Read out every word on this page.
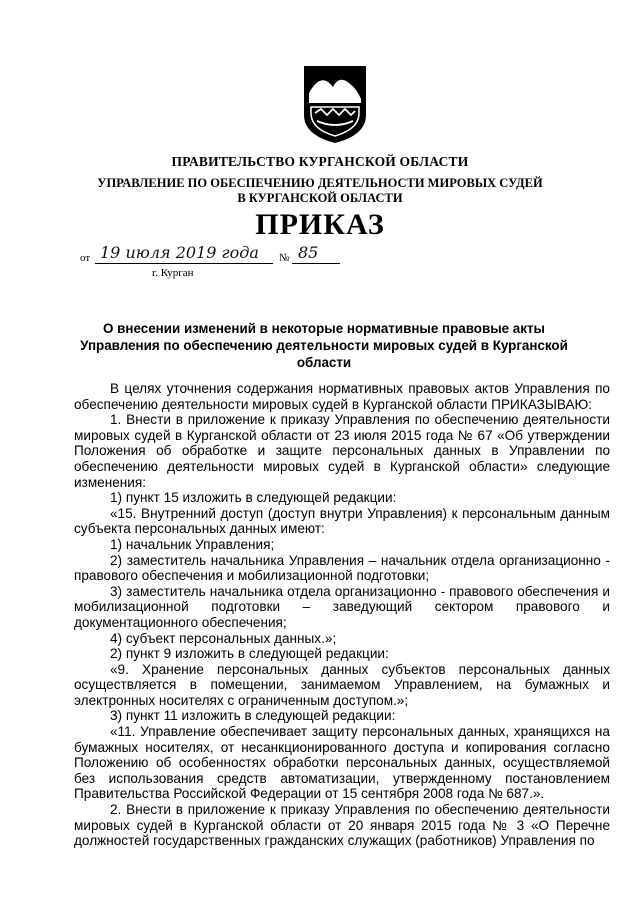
ПРАВИТЕЛЬСТВО КУРГАНСКОЙ ОБЛАСТИ
УПРАВЛЕНИЕ ПО ОБЕСПЕЧЕНИЮ ДЕЯТЕЛЬНОСТИ МИРОВЫХ СУДЕЙ
В КУРГАНСКОЙ ОБЛАСТИ
ПРИКАЗ
от 19 июля 2019 года № 85
г. Курган
О внесении изменений в некоторые нормативные правовые акты Управления по обеспечению деятельности мировых судей в Курганской области

В целях уточнения содержания нормативных правовых актов Управления по обеспечению деятельности мировых судей в Курганской области ПРИКАЗЫВАЮ:

1. Внести в приложение к приказу Управления по обеспечению деятельности мировых судей в Курганской области от 23 июля 2015 года № 67 «Об утверждении Положения об обработке и защите персональных данных в Управлении по обеспечению деятельности мировых судей в Курганской области» следующие изменения:

1) пункт 15 изложить в следующей редакции:

«15. Внутренний доступ (доступ внутри Управления) к персональным данным субъекта персональных данных имеют:

1) начальник Управления;

2) заместитель начальника Управления – начальник отдела организационно - правового обеспечения и мобилизационной подготовки;

3) заместитель начальника отдела организационно - правового обеспечения и мобилизационной подготовки – заведующий сектором правового и документационного обеспечения;

4) субъект персональных данных.»;

2) пункт 9 изложить в следующей редакции:

«9. Хранение персональных данных субъектов персональных данных осуществляется в помещении, занимаемом Управлением, на бумажных и электронных носителях с ограниченным доступом.»;

3) пункт 11 изложить в следующей редакции:

«11. Управление обеспечивает защиту персональных данных, хранящихся на бумажных носителях, от несанкционированного доступа и копирования согласно Положению об особенностях обработки персональных данных, осуществляемой без использования средств автоматизации, утвержденному постановлением Правительства Российской Федерации от 15 сентября 2008 года № 687.».

2. Внести в приложение к приказу Управления по обеспечению деятельности мировых судей в Курганской области от 20 января 2015 года № 3 «О Перечне должностей государственных гражданских служащих (работников) Управления по
